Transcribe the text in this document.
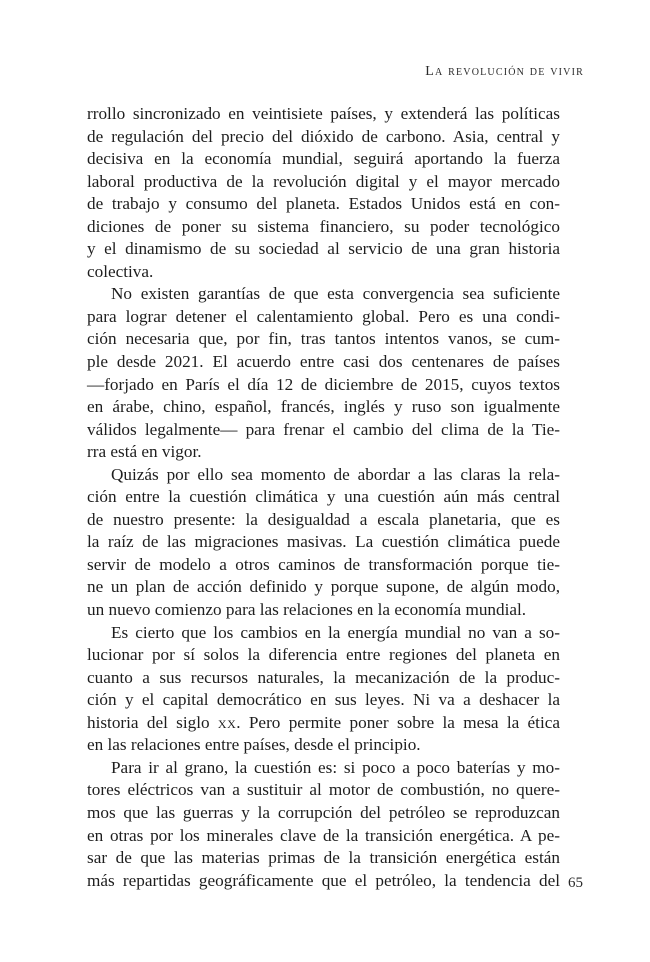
La revolución de vivir
rrollo sincronizado en veintisiete países, y extenderá las políticas
de regulación del precio del dióxido de carbono. Asia, central y
decisiva en la economía mundial, seguirá aportando la fuerza
laboral productiva de la revolución digital y el mayor mercado
de trabajo y consumo del planeta. Estados Unidos está en con-
diciones de poner su sistema financiero, su poder tecnológico
y el dinamismo de su sociedad al servicio de una gran historia
colectiva.
No existen garantías de que esta convergencia sea suficiente
para lograr detener el calentamiento global. Pero es una condi-
ción necesaria que, por fin, tras tantos intentos vanos, se cum-
ple desde 2021. El acuerdo entre casi dos centenares de países
—forjado en París el día 12 de diciembre de 2015, cuyos textos
en árabe, chino, español, francés, inglés y ruso son igualmente
válidos legalmente— para frenar el cambio del clima de la Tie-
rra está en vigor.
Quizás por ello sea momento de abordar a las claras la rela-
ción entre la cuestión climática y una cuestión aún más central
de nuestro presente: la desigualdad a escala planetaria, que es
la raíz de las migraciones masivas. La cuestión climática puede
servir de modelo a otros caminos de transformación porque tie-
ne un plan de acción definido y porque supone, de algún modo,
un nuevo comienzo para las relaciones en la economía mundial.
Es cierto que los cambios en la energía mundial no van a so-
lucionar por sí solos la diferencia entre regiones del planeta en
cuanto a sus recursos naturales, la mecanización de la produc-
ción y el capital democrático en sus leyes. Ni va a deshacer la
historia del siglo xx. Pero permite poner sobre la mesa la ética
en las relaciones entre países, desde el principio.
Para ir al grano, la cuestión es: si poco a poco baterías y mo-
tores eléctricos van a sustituir al motor de combustión, no quere-
mos que las guerras y la corrupción del petróleo se reproduzcan
en otras por los minerales clave de la transición energética. A pe-
sar de que las materias primas de la transición energética están
más repartidas geográficamente que el petróleo, la tendencia del 65
